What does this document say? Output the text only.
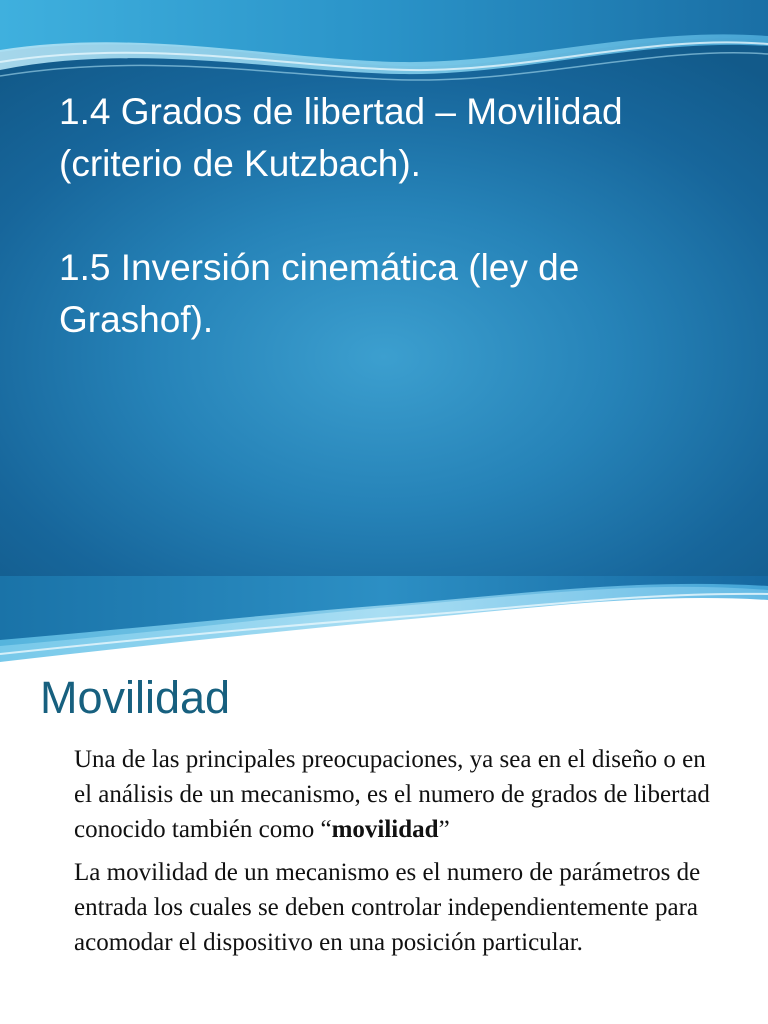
1.4 Grados de libertad – Movilidad (criterio de Kutzbach).

1.5 Inversión cinemática (ley de Grashof).

Movilidad

Una de las principales preocupaciones, ya sea en el diseño o en el análisis de un mecanismo, es el numero de grados de libertad conocido también como “movilidad”

La movilidad de un mecanismo es el numero de parámetros de entrada los cuales se deben controlar independientemente para acomodar el dispositivo en una posición particular.
